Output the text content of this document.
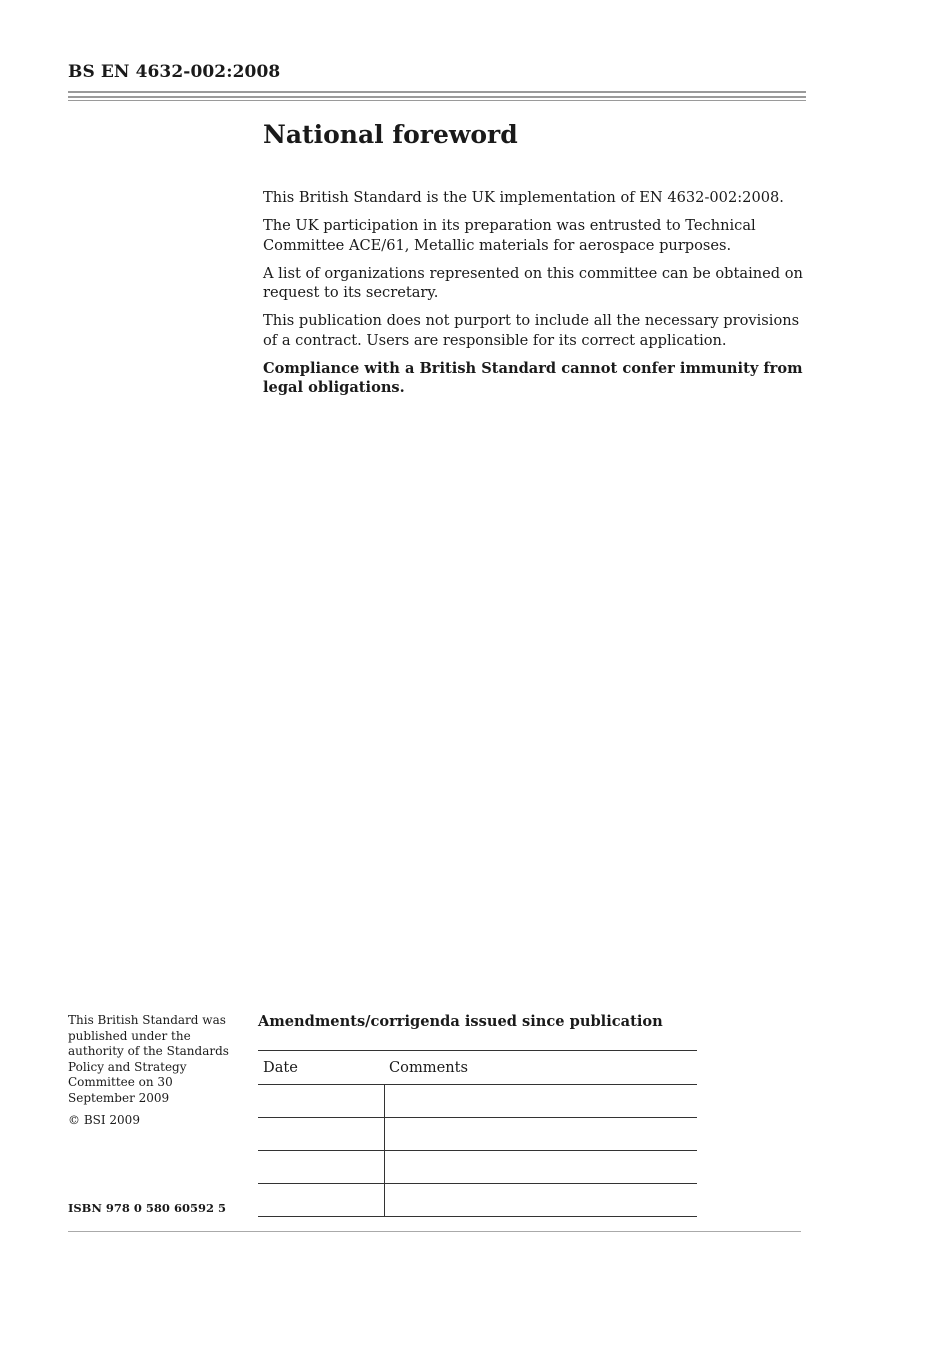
BS EN 4632-002:2008
National foreword

This British Standard is the UK implementation of EN 4632-002:2008.

The UK participation in its preparation was entrusted to Technical Committee ACE/61, Metallic materials for aerospace purposes.

A list of organizations represented on this committee can be obtained on request to its secretary.

This publication does not purport to include all the necessary provisions of a contract. Users are responsible for its correct application.

Compliance with a British Standard cannot confer immunity from legal obligations.

This British Standard was published under the authority of the Standards Policy and Strategy Committee on 30 September 2009

© BSI 2009

ISBN 978 0 580 60592 5
Amendments/corrigenda issued since publication
Date	Comments
